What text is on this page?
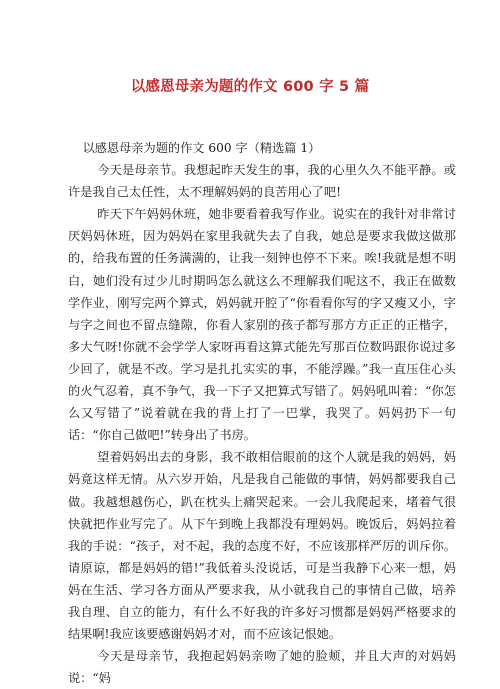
以感恩母亲为题的作文 600 字 5 篇

以感恩母亲为题的作文 600 字（精选篇 1）

今天是母亲节。我想起昨天发生的事，我的心里久久不能平静。或许是我自己太任性，太不理解妈妈的良苦用心了吧!

昨天下午妈妈休班，她非要看着我写作业。说实在的我针对非常讨厌妈妈休班，因为妈妈在家里我就失去了自我，她总是要求我做这做那的，给我布置的任务满满的，让我一刻钟也停不下来。唉!我就是想不明白，她们没有过少儿时期吗怎么就这么不理解我们呢这不，我正在做数学作业，刚写完两个算式，妈妈就开腔了“你看看你写的字又瘦又小，字与字之间也不留点缝隙，你看人家别的孩子都写那方方正正的正楷字，多大气呀!你就不会学学人家呀再看这算式能先写那百位数吗跟你说过多少回了，就是不改。学习是扎扎实实的事，不能浮躁。”我一直压住心头的火气忍着，真不争气，我一下子又把算式写错了。妈妈吼叫着：“你怎么又写错了”说着就在我的背上打了一巴掌，我哭了。妈妈扔下一句话：“你自己做吧!”转身出了书房。

望着妈妈出去的身影，我不敢相信眼前的这个人就是我的妈妈，妈妈竟这样无情。从六岁开始，凡是我自己能做的事情，妈妈都要我自己做。我越想越伤心，趴在枕头上痛哭起来。一会儿我爬起来，堵着气很快就把作业写完了。从下午到晚上我都没有理妈妈。晚饭后，妈妈拉着我的手说：“孩子，对不起，我的态度不好，不应该那样严厉的训斥你。请原谅，都是妈妈的错!”我低着头没说话，可是当我静下心来一想，妈妈在生活、学习各方面从严要求我，从小就我自己的事情自己做，培养我自理、自立的能力，有什么不好我的许多好习惯都是妈妈严格要求的结果啊!我应该要感谢妈妈才对，而不应该记恨她。

今天是母亲节，我抱起妈妈亲吻了她的脸颊，并且大声的对妈妈说：“妈
